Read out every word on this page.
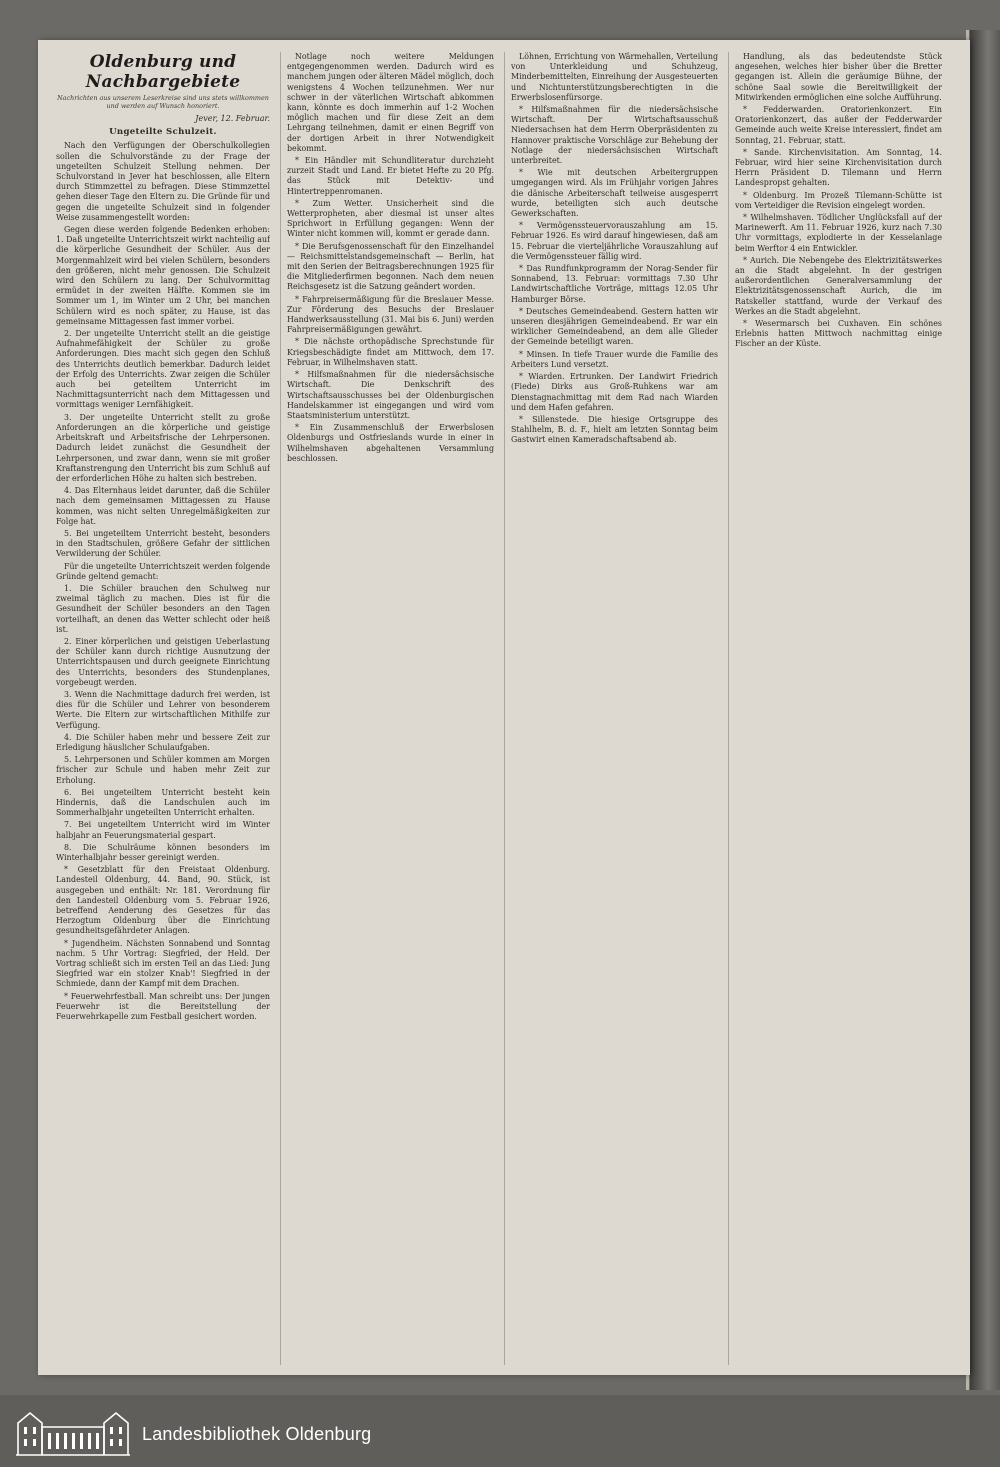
Oldenburg und Nachbargebiete
Nachrichten aus unserem Leserkreise sind uns stets willkommen und werden auf Wunsch honoriert.
Jever, 12. Februar.
Ungeteilte Schulzeit.

Nach den Verfügungen der Oberschulkollegien sollen die Schulvorstände zu der Frage der ungeteilten Schulzeit Stellung nehmen. Der Schulvorstand in Jever hat beschlossen, alle Eltern durch Stimmzettel zu befragen. Diese Stimmzettel gehen dieser Tage den Eltern zu. Die Gründe für und gegen die ungeteilte Schulzeit sind in folgender Weise zusammengestellt worden:

Gegen diese werden folgende Bedenken erhoben: 1. Daß ungeteilte Unterrichtszeit wirkt nachteilig auf die körperliche Gesundheit der Schüler. Aus der Morgenmahlzeit wird bei vielen Schülern, besonders den größeren, nicht mehr genossen. Die Schulzeit wird den Schülern zu lang. Der Schulvormittag ermüdet in der zweiten Hälfte. Kommen sie im Sommer um 1, im Winter um 2 Uhr, bei manchen Schülern wird es noch später, zu Hause, ist das gemeinsame Mittagessen fast immer vorbei.

2. Der ungeteilte Unterricht stellt an die geistige Aufnahmefähigkeit der Schüler zu große Anforderungen. Dies macht sich gegen den Schluß des Unterrichts deutlich bemerkbar. Dadurch leidet der Erfolg des Unterrichts. Zwar zeigen die Schüler auch bei geteiltem Unterricht im Nachmittagsunterricht nach dem Mittagessen und vormittags weniger Lernfähigkeit.

3. Der ungeteilte Unterricht stellt zu große Anforderungen an die körperliche und geistige Arbeitskraft und Arbeitsfrische der Lehrpersonen. Dadurch leidet zunächst die Gesundheit der Lehrpersonen, und zwar dann, wenn sie mit großer Kraftanstrengung den Unterricht bis zum Schluß auf der erforderlichen Höhe zu halten sich bestreben.

4. Das Elternhaus leidet darunter, daß die Schüler nach dem gemeinsamen Mittagessen zu Hause kommen, was nicht selten Unregelmäßigkeiten zur Folge hat.

5. Bei ungeteiltem Unterricht besteht, besonders in den Stadtschulen, größere Gefahr der sittlichen Verwilderung der Schüler.

Für die ungeteilte Unterrichtszeit werden folgende Gründe geltend gemacht:

1. Die Schüler brauchen den Schulweg nur zweimal täglich zu machen. Dies ist für die Gesundheit der Schüler besonders an den Tagen vorteilhaft, an denen das Wetter schlecht oder heiß ist.

2. Einer körperlichen und geistigen Ueberlastung der Schüler kann durch richtige Ausnutzung der Unterrichtspausen und durch geeignete Einrichtung des Unterrichts, besonders des Stundenplanes, vorgebeugt werden.

3. Wenn die Nachmittage dadurch frei werden, ist dies für die Schüler und Lehrer von besonderem Werte. Die Eltern zur wirtschaftlichen Mithilfe zur Verfügung.

4. Die Schüler haben mehr und bessere Zeit zur Erledigung häuslicher Schulaufgaben.

5. Lehrpersonen und Schüler kommen am Morgen frischer zur Schule und haben mehr Zeit zur Erholung.

6. Bei ungeteiltem Unterricht besteht kein Hindernis, daß die Landschulen auch im Sommerhalbjahr ungeteilten Unterricht erhalten.

7. Bei ungeteiltem Unterricht wird im Winter halbjahr an Feuerungsmaterial gespart.

8. Die Schulräume können besonders im Winterhalbjahr besser gereinigt werden.

* Gesetzblatt für den Freistaat Oldenburg. Landesteil Oldenburg, 44. Band, 90. Stück, ist ausgegeben und enthält: Nr. 181. Verordnung für den Landesteil Oldenburg vom 5. Februar 1926, betreffend Aenderung des Gesetzes für das Herzogtum Oldenburg über die Einrichtung gesundheitsgefährdeter Anlagen.

* Jugendheim. Nächsten Sonnabend und Sonntag nachm. 5 Uhr Vortrag: Siegfried, der Held. Der Vortrag schließt sich im ersten Teil an das Lied: Jung Siegfried war ein stolzer Knab'! Siegfried in der Schmiede, dann der Kampf mit dem Drachen.

* Feuerwehrfestball. Man schreibt uns: Der jungen Feuerwehr ist die Bereitstellung der Feuerwehrkapelle zum Festball gesichert worden.

Notlage noch weitere Meldungen entgegengenommen werden. Dadurch wird es manchem jungen oder älteren Mädel möglich, doch wenigstens 4 Wochen teilzunehmen. Wer nur schwer in der väterlichen Wirtschaft abkommen kann, könnte es doch immerhin auf 1-2 Wochen möglich machen und für diese Zeit an dem Lehrgang teilnehmen, damit er einen Begriff von der dortigen Arbeit in ihrer Notwendigkeit bekommt.

* Ein Händler mit Schundliteratur durchzieht zurzeit Stadt und Land. Er bietet Hefte zu 20 Pfg. das Stück mit Detektiv- und Hintertreppenromanen.

* Zum Wetter. Unsicherheit sind die Wetterpropheten, aber diesmal ist unser altes Sprichwort in Erfüllung gegangen: Wenn der Winter nicht kommen will, kommt er gerade dann.

* Die Berufsgenossenschaft für den Einzelhandel — Reichsmittelstandsgemeinschaft — Berlin, hat mit den Serien der Beitragsberechnungen 1925 für die Mitgliederfirmen begonnen. Nach dem neuen Reichsgesetz ist die Satzung geändert worden.

* Fahrpreisermäßigung für die Breslauer Messe. Zur Förderung des Besuchs der Breslauer Handwerksausstellung (31. Mai bis 6. Juni) werden Fahrpreisermäßigungen gewährt.

* Die nächste orthopädische Sprechstunde für Kriegsbeschädigte findet am Mittwoch, dem 17. Februar, in Wilhelmshaven statt.

* Hilfsmaßnahmen für die niedersächsische Wirtschaft. Die Denkschrift des Wirtschaftsausschusses bei der Oldenburgischen Handelskammer ist eingegangen und wird vom Staatsministerium unterstützt.

* Ein Zusammenschluß der Erwerbslosen Oldenburgs und Ostfrieslands wurde in einer in Wilhelmshaven abgehaltenen Versammlung beschlossen.

Löhnen, Errichtung von Wärmehallen, Verteilung von Unterkleidung und Schuhzeug, Minderbemittelten, Einreihung der Ausgesteuerten und Nichtunterstützungsberechtigten in die Erwerbslosenfürsorge.

* Hilfsmaßnahmen für die niedersächsische Wirtschaft. Der Wirtschaftsausschuß Niedersachsen hat dem Herrn Oberpräsidenten zu Hannover praktische Vorschläge zur Behebung der Notlage der niedersächsischen Wirtschaft unterbreitet.

* Wie mit deutschen Arbeitergruppen umgegangen wird. Als im Frühjahr vorigen Jahres die dänische Arbeiterschaft teilweise ausgesperrt wurde, beteiligten sich auch deutsche Gewerkschaften.

* Vermögenssteuervorauszahlung am 15. Februar 1926. Es wird darauf hingewiesen, daß am 15. Februar die vierteljährliche Vorauszahlung auf die Vermögenssteuer fällig wird.

* Das Rundfunkprogramm der Norag-Sender für Sonnabend, 13. Februar: vormittags 7.30 Uhr Landwirtschaftliche Vorträge, mittags 12.05 Uhr Hamburger Börse.

* Deutsches Gemeindeabend. Gestern hatten wir unseren diesjährigen Gemeindeabend. Er war ein wirklicher Gemeindeabend, an dem alle Glieder der Gemeinde beteiligt waren.

* Minsen. In tiefe Trauer wurde die Familie des Arbeiters Lund versetzt.

* Wiarden. Ertrunken. Der Landwirt Friedrich (Fiede) Dirks aus Groß-Ruhkens war am Dienstagnachmittag mit dem Rad nach Wiarden und dem Hafen gefahren.

* Sillenstede. Die hiesige Ortsgruppe des Stahlhelm, B. d. F., hielt am letzten Sonntag beim Gastwirt einen Kameradschaftsabend ab.

Handlung, als das bedeutendste Stück angesehen, welches hier bisher über die Bretter gegangen ist. Allein die geräumige Bühne, der schöne Saal sowie die Bereitwilligkeit der Mitwirkenden ermöglichen eine solche Aufführung.

* Fedderwarden. Oratorienkonzert. Ein Oratorienkonzert, das außer der Fedderwarder Gemeinde auch weite Kreise interessiert, findet am Sonntag, 21. Februar, statt.

* Sande. Kirchenvisitation. Am Sonntag, 14. Februar, wird hier seine Kirchenvisitation durch Herrn Präsident D. Tilemann und Herrn Landespropst gehalten.

* Oldenburg. Im Prozeß Tilemann-Schütte ist vom Verteidiger die Revision eingelegt worden.

* Wilhelmshaven. Tödlicher Unglücksfall auf der Marinewerft. Am 11. Februar 1926, kurz nach 7.30 Uhr vormittags, explodierte in der Kesselanlage beim Werftor 4 ein Entwickler.

* Aurich. Die Nebengebe des Elektrizitätswerkes an die Stadt abgelehnt. In der gestrigen außerordentlichen Generalversammlung der Elektrizitätsgenossenschaft Aurich, die im Ratskeller stattfand, wurde der Verkauf des Werkes an die Stadt abgelehnt.

* Wesermarsch bei Cuxhaven. Ein schönes Erlebnis hatten Mittwoch nachmittag einige Fischer an der Küste.

Landesbibliothek Oldenburg
